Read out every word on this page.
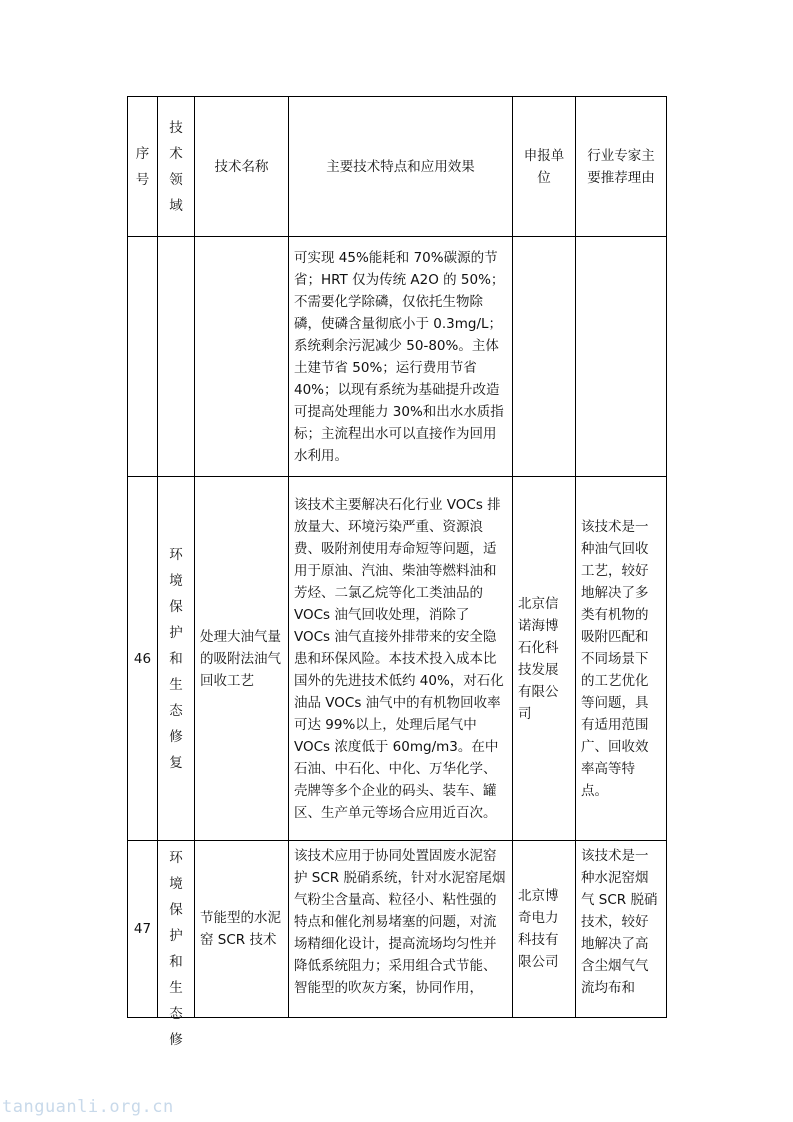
序号	技术领域	技术名称	主要技术特点和应用效果	申报单位	行业专家主要推荐理由
			可实现 45%能耗和 70%碳源的节省；HRT 仅为传统 A2O 的 50%；不需要化学除磷，仅依托生物除磷，使磷含量彻底小于 0.3mg/L；系统剩余污泥减少 50-80%。主体土建节省 50%；运行费用节省 40%；以现有系统为基础提升改造可提高处理能力 30%和出水水质指标；主流程出水可以直接作为回用水利用。		
46	环境保护和生态修复	处理大油气量的吸附法油气回收工艺	该技术主要解决石化行业 VOCs 排放量大、环境污染严重、资源浪费、吸附剂使用寿命短等问题，适用于原油、汽油、柴油等燃料油和芳烃、二氯乙烷等化工类油品的 VOCs 油气回收处理，消除了 VOCs 油气直接外排带来的安全隐患和环保风险。本技术投入成本比国外的先进技术低约 40%，对石化油品 VOCs 油气中的有机物回收率可达 99%以上，处理后尾气中 VOCs 浓度低于 60mg/m3。在中石油、中石化、中化、万华化学、壳牌等多个企业的码头、装车、罐区、生产单元等场合应用近百次。	北京信诺海博石化科技发展有限公司	该技术是一种油气回收工艺，较好地解决了多类有机物的吸附匹配和不同场景下的工艺优化等问题，具有适用范围广、回收效率高等特点。
47	环境保护和生态修	节能型的水泥窑 SCR 技术	该技术应用于协同处置固废水泥窑护 SCR 脱硝系统，针对水泥窑尾烟气粉尘含量高、粒径小、粘性强的特点和催化剂易堵塞的问题，对流场精细化设计，提高流场均匀性并降低系统阻力；采用组合式节能、智能型的吹灰方案，协同作用，	北京博奇电力科技有限公司	该技术是一种水泥窑烟气 SCR 脱硝技术，较好地解决了高含尘烟气气流均布和
tanguanli.org.cn
